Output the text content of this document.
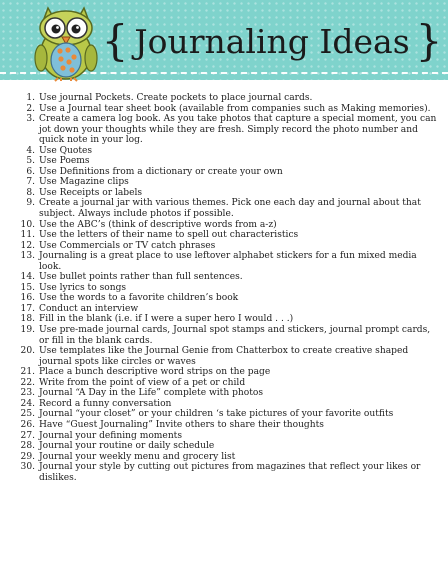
{ Journaling Ideas }
1. Use journal Pockets. Create pockets to place journal cards.
2. Use a Journal tear sheet book (available from companies such as Making memories).
3. Create a camera log book. As you take photos that capture a special moment, you can jot down your thoughts while they are fresh. Simply record the photo number and quick note in your log.
4. Use Quotes
5. Use Poems
6. Use Definitions from a dictionary or create your own
7. Use Magazine clips
8. Use Receipts or labels
9. Create a journal jar with various themes. Pick one each day and journal about that subject. Always include photos if possible.
10. Use the ABC’s (think of descriptive words from a-z)
11. Use the letters of their name to spell out characteristics
12. Use Commercials or TV catch phrases
13. Journaling is a great place to use leftover alphabet stickers for a fun mixed media look.
14. Use bullet points rather than full sentences.
15. Use lyrics to songs
16. Use the words to a favorite children’s book
17. Conduct an interview
18. Fill in the blank (i.e. if I were a super hero I would . . .)
19. Use pre-made journal cards, Journal spot stamps and stickers, journal prompt cards, or fill in the blank cards.
20. Use templates like the Journal Genie from Chatterbox to create creative shaped journal spots like circles or waves
21. Place a bunch descriptive word strips on the page
22. Write from the point of view of a pet or child
23. Journal “A Day in the Life” complete with photos
24. Record a funny conversation
25. Journal “your closet” or your children ‘s take pictures of your favorite outfits
26. Have “Guest Journaling” Invite others to share their thoughts
27. Journal your defining moments
28. Journal your routine or daily schedule
29. Journal your weekly menu and grocery list
30. Journal your style by cutting out pictures from magazines that reflect your likes or dislikes.
